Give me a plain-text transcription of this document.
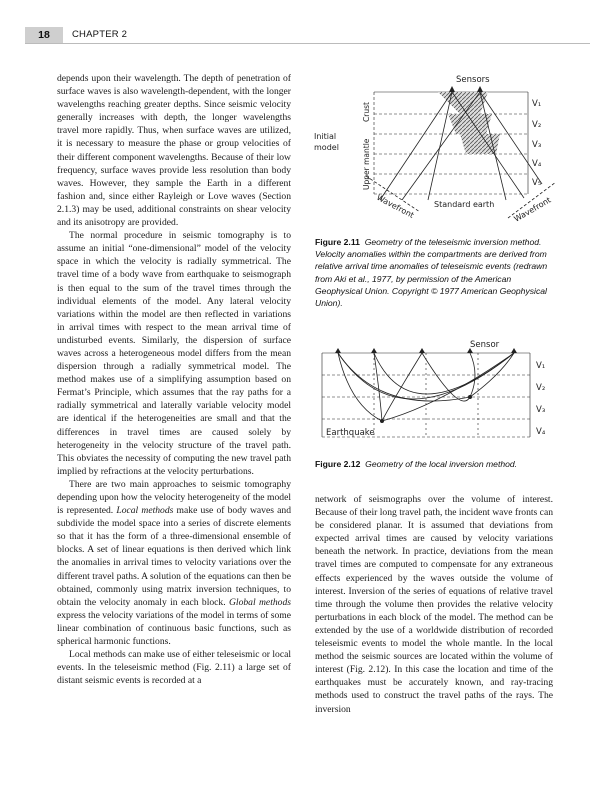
18	CHAPTER 2

depends upon their wavelength. The depth of penetration of surface waves is also wavelength-dependent, with the longer wavelengths reaching greater depths. Since seismic velocity generally increases with depth, the longer wavelengths travel more rapidly. Thus, when surface waves are utilized, it is necessary to measure the phase or group velocities of their different component wavelengths. Because of their low frequency, surface waves provide less resolution than body waves. However, they sample the Earth in a different fashion and, since either Rayleigh or Love waves (Section 2.1.3) may be used, additional constraints on shear velocity and its anisotropy are provided.

The normal procedure in seismic tomography is to assume an initial “one-dimensional” model of the velocity space in which the velocity is radially symmetrical. The travel time of a body wave from earthquake to seismograph is then equal to the sum of the travel times through the individual elements of the model. Any lateral velocity variations within the model are then reflected in variations in arrival times with respect to the mean arrival time of undisturbed events. Similarly, the dispersion of surface waves across a heterogeneous model differs from the mean dispersion through a radially symmetrical model. The method makes use of a simplifying assumption based on Fermat’s Principle, which assumes that the ray paths for a radially symmetrical and laterally variable velocity model are identical if the heterogeneities are small and that the differences in travel times are caused solely by heterogeneity in the velocity structure of the travel path. This obviates the necessity of computing the new travel path implied by refractions at the velocity perturbations.

There are two main approaches to seismic tomography depending upon how the velocity heterogeneity of the model is represented. Local methods make use of body waves and subdivide the model space into a series of discrete elements so that it has the form of a three-dimensional ensemble of blocks. A set of linear equations is then derived which link the anomalies in arrival times to velocity variations over the different travel paths. A solution of the equations can then be obtained, commonly using matrix inversion techniques, to obtain the velocity anomaly in each block. Global methods express the velocity variations of the model in terms of some linear combination of continuous basic functions, such as spherical harmonic functions.

Local methods can make use of either teleseismic or local events. In the teleseismic method (Fig. 2.11) a large set of distant seismic events is recorded at a

Sensors
Initial
model
Crust
Upper mantle
Wavefront	Wavefront
Standard earth
V₁
V₂
V₃
V₄
V₅
Figure 2.11 Geometry of the teleseismic inversion method. Velocity anomalies within the compartments are derived from relative arrival time anomalies of teleseismic events (redrawn from Aki et al., 1977, by permission of the American Geophysical Union. Copyright © 1977 American Geophysical Union).
Sensor
Earthquake
V₁
V₂
V₃
V₄
Figure 2.12 Geometry of the local inversion method.

network of seismographs over the volume of interest. Because of their long travel path, the incident wave fronts can be considered planar. It is assumed that deviations from expected arrival times are caused by velocity variations beneath the network. In practice, deviations from the mean travel times are computed to compensate for any extraneous effects experienced by the waves outside the volume of interest. Inversion of the series of equations of relative travel time through the volume then provides the relative velocity perturbations in each block of the model. The method can be extended by the use of a worldwide distribution of recorded teleseismic events to model the whole mantle. In the local method the seismic sources are located within the volume of interest (Fig. 2.12). In this case the location and time of the earthquakes must be accurately known, and ray-tracing methods used to construct the travel paths of the rays. The inversion
